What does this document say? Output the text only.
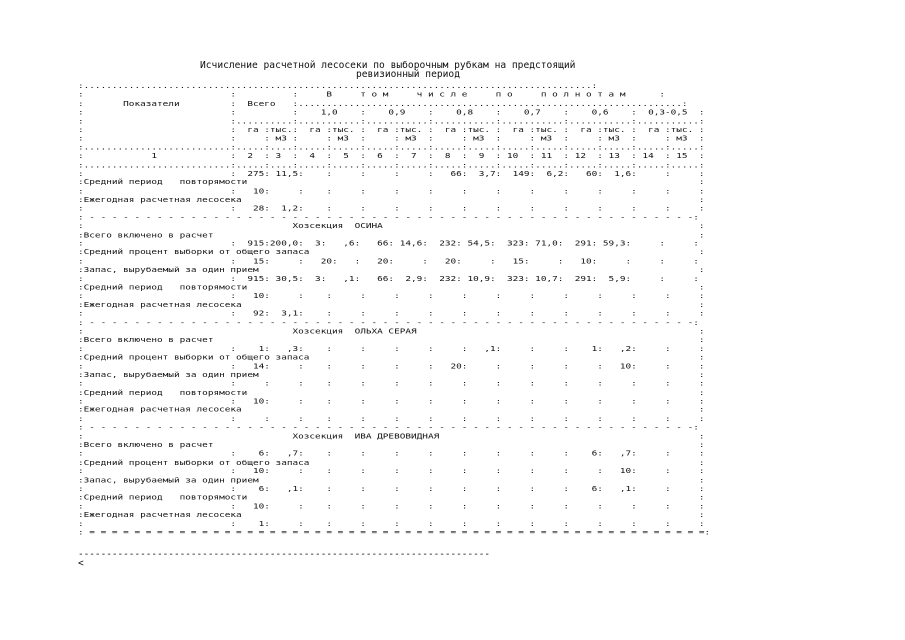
Исчисление расчетной лесосеки по выборочным рубкам на предстоящий
ревизионный период
:..........................................................................................:
:                          :          :     В     т о м     ч и с л е     п о     п о л н о т а м      :
:       Показатели         :  Всего   :....................................................................:
:                          :          :    1,0    :    0,9    :    0,8    :    0,7    :    0,6    :  0,3-0,5  :
:                          :..........:...........:...........:...........:...........:...........:...........:
:                          :  га :тыс.:  га :тыс. :  га :тыс. :  га :тыс. :  га :тыс. :  га :тыс. :  га :тыс. :
:                          :     : м3 :     : м3  :     : м3  :     : м3  :     : м3  :     : м3  :     : м3  :
:..........................:.....:....:.....:.....:.....:.....:.....:.....:.....:.....:.....:.....:.....:.....:
:            1             :  2  : 3  :  4  :  5  :  6  :  7  :  8  :  9  : 10  : 11  : 12  : 13  : 14  : 15  :
:..........................:.....:....:.....:.....:.....:.....:.....:.....:.....:.....:.....:.....:.....:.....:
:                          :  275: 11,5:    :     :     :     :   66:  3,7:  149:  6,2:   60:  1,6:     :     :
:Средний период   повторямости                                                                                :
:                          :   10:     :    :     :     :     :     :     :     :     :     :     :     :     :
:Ежегодная расчетная лесосека                                                                                 :
:                          :   28:  1,2:    :     :     :     :     :     :     :     :     :     :     :     :
: - - - - - - - - - - - - - - - - - - - - - - - - - - - - - - - - - - - - - - - - - - - - - - - - - - - - - -:
:                                     Хозсекция  ОСИНА                                                        :
:Всего включено в расчет                                                                                      :
:                          :  915:200,0:  3:   ,6:   66: 14,6:  232: 54,5:  323: 71,0:  291: 59,3:     :     :
:Средний процент выборки от общего запаса                                                                     :
:                          :   15:     :   20:   :   20:     :   20:     :   15:     :   10:     :     :     :
:Запас, вырубаемый за один прием                                                                              :
:                          :  915: 30,5:  3:   ,1:   66:  2,9:  232: 10,9:  323: 10,7:  291:  5,9:     :     :
:Средний период   повторямости                                                                                :
:                          :   10:     :    :     :     :     :     :     :     :     :     :     :     :     :
:Ежегодная расчетная лесосека                                                                                 :
:                          :   92:  3,1:    :     :     :     :     :     :     :     :     :     :     :     :
: - - - - - - - - - - - - - - - - - - - - - - - - - - - - - - - - - - - - - - - - - - - - - - - - - - - - - -:
:                                     Хозсекция  ОЛЬХА СЕРАЯ                                                  :
:Всего включено в расчет                                                                                      :
:                          :    1:   ,3:    :     :     :     :     :   ,1:     :     :    1:   ,2:     :     :
:Средний процент выборки от общего запаса                                                                     :
:                          :   14:     :    :     :     :     :   20:     :     :     :     :   10:     :     :
:Запас, вырубаемый за один прием                                                                              :
:                          :     :     :    :     :     :     :     :     :     :     :     :     :     :     :
:Средний период   повторямости                                                                                :
:                          :   10:     :    :     :     :     :     :     :     :     :     :     :     :     :
:Ежегодная расчетная лесосека                                                                                 :
:                          :     :     :    :     :     :     :     :     :     :     :     :     :     :     :
: - - - - - - - - - - - - - - - - - - - - - - - - - - - - - - - - - - - - - - - - - - - - - - - - - - - - - -:
:                                     Хозсекция  ИВА ДРЕВОВИДНАЯ                                              :
:Всего включено в расчет                                                                                      :
:                          :    6:   ,7:    :     :     :     :     :     :     :     :    6:   ,7:     :     :
:Средний процент выборки от общего запаса                                                                     :
:                          :   10:     :    :     :     :     :     :     :     :     :     :   10:     :     :
:Запас, вырубаемый за один прием                                                                              :
:                          :    6:   ,1:    :     :     :     :     :     :     :     :    6:   ,1:     :     :
:Средний период   повторямости                                                                                :
:                          :   10:     :    :     :     :     :     :     :     :     :     :     :     :     :
:Ежегодная расчетная лесосека                                                                                 :
:                          :    1:     :    :     :     :     :     :     :     :     :     :     :     :     :
: = = = = = = = = = = = = = = = = = = = = = = = = = = = = = = = = = = = = = = = = = = = = = = = = = = = = = = =:
-------------------------------------------------------------------------
<
